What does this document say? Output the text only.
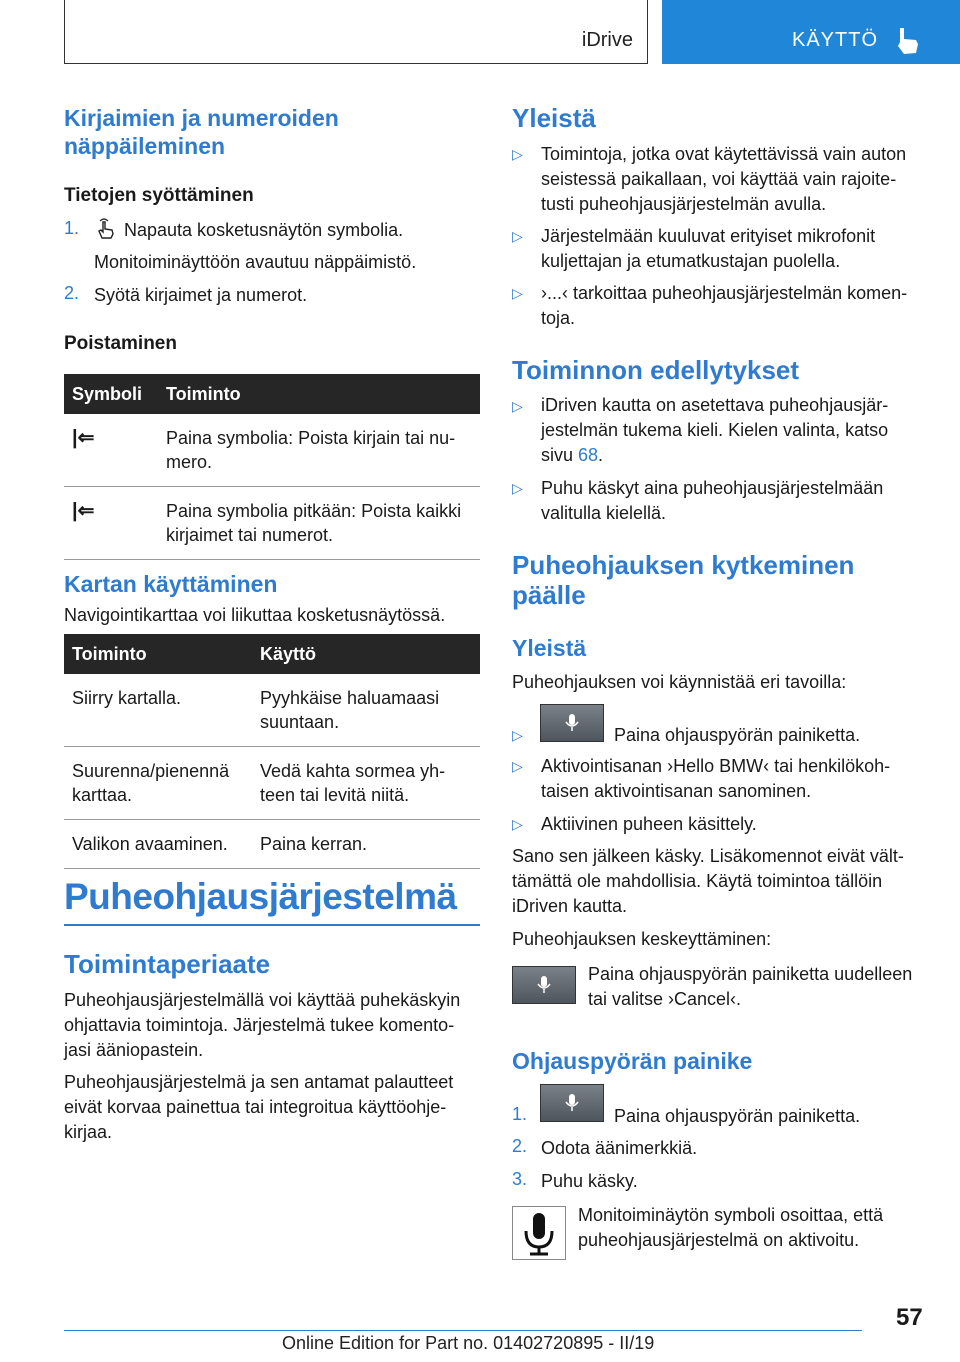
iDrive	KÄYTTÖ
Kirjaimien ja numeroiden
näppäileminen
Tietojen syöttäminen
1. Napauta kosketusnäytön symbolia.
Monitoiminäyttöön avautuu näppäimistö.
2. Syötä kirjaimet ja numerot.
Poistaminen
Symboli	Toiminto
|⇐	Paina symbolia: Poista kirjain tai nu-
mero.
|⇐	Paina symbolia pitkään: Poista kaikki
kirjaimet tai numerot.
Kartan käyttäminen
Navigointikarttaa voi liikuttaa kosketusnäytössä.
Toiminto	Käyttö
Siirry kartalla.	Pyyhkäise haluamaasi
suuntaan.
Suurenna/pienennä
karttaa.	Vedä kahta sormea yh-
teen tai levitä niitä.
Valikon avaaminen.	Paina kerran.
Puheohjausjärjestelmä
Toimintaperiaate

Puheohjausjärjestelmällä voi käyttää puhekäskyin
ohjattavia toimintoja. Järjestelmä tukee komento-
jasi ääniopastein.

Puheohjausjärjestelmä ja sen antamat palautteet
eivät korvaa painettua tai integroitua käyttöohje-
kirjaa.

Yleistä
▷ Toimintoja, jotka ovat käytettävissä vain auton
seistessä paikallaan, voi käyttää vain rajoite-
tusti puheohjausjärjestelmän avulla.

▷ Järjestelmään kuuluvat erityiset mikrofonit
kuljettajan ja etumatkustajan puolella.

▷ ›...‹ tarkoittaa puheohjausjärjestelmän komen-
toja.

Toiminnon edellytykset
▷ iDriven kautta on asetettava puheohjausjär-
jestelmän tukema kieli. Kielen valinta, katso
sivu 68.

▷ Puhu käskyt aina puheohjausjärjestelmään
valitulla kielellä.

Puheohjauksen kytkeminen
päälle
Yleistä
Puheohjauksen voi käynnistää eri tavoilla:
▷	Paina ohjauspyörän painiketta.
▷ Aktivointisanan ›Hello BMW‹ tai henkilökoh-
taisen aktivointisanan sanominen.

▷ Aktiivinen puheen käsittely.

Sano sen jälkeen käsky. Lisäkomennot eivät vält-
tämättä ole mahdollisia. Käytä toimintoa tällöin
iDriven kautta.

Puheohjauksen keskeyttäminen:

Paina ohjauspyörän painiketta uudelleen
tai valitse ›Cancel‹.

Ohjauspyörän painike
1.	Paina ohjauspyörän painiketta.
2. Odota äänimerkkiä.
3. Puhu käsky.

Monitoiminäytön symboli osoittaa, että
puheohjausjärjestelmä on aktivoitu.

57
Online Edition for Part no. 01402720895 - II/19
